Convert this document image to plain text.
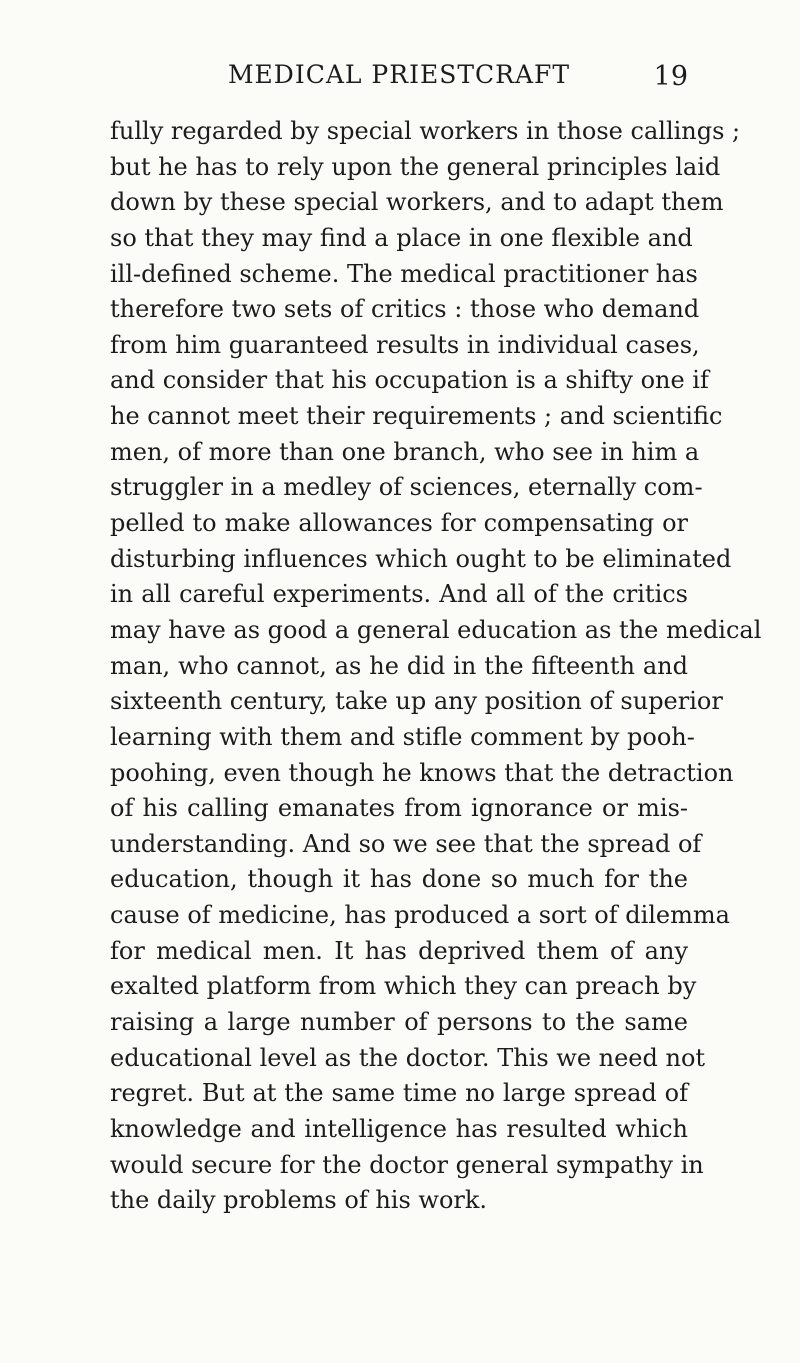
MEDICAL PRIESTCRAFT	19
fully regarded by special workers in those callings ;
but he has to rely upon the general principles laid
down by these special workers, and to adapt them
so that they may find a place in one flexible and
ill-defined scheme. The medical practitioner has
therefore two sets of critics : those who demand
from him guaranteed results in individual cases,
and consider that his occupation is a shifty one if
he cannot meet their requirements ; and scientific
men, of more than one branch, who see in him a
struggler in a medley of sciences, eternally com-
pelled to make allowances for compensating or
disturbing influences which ought to be eliminated
in all careful experiments. And all of the critics
may have as good a general education as the medical
man, who cannot, as he did in the fifteenth and
sixteenth century, take up any position of superior
learning with them and stifle comment by pooh-
poohing, even though he knows that the detraction
of his calling emanates from ignorance or mis-
understanding. And so we see that the spread of
education, though it has done so much for the
cause of medicine, has produced a sort of dilemma
for medical men. It has deprived them of any
exalted platform from which they can preach by
raising a large number of persons to the same
educational level as the doctor. This we need not
regret. But at the same time no large spread of
knowledge and intelligence has resulted which
would secure for the doctor general sympathy in
the daily problems of his work.
